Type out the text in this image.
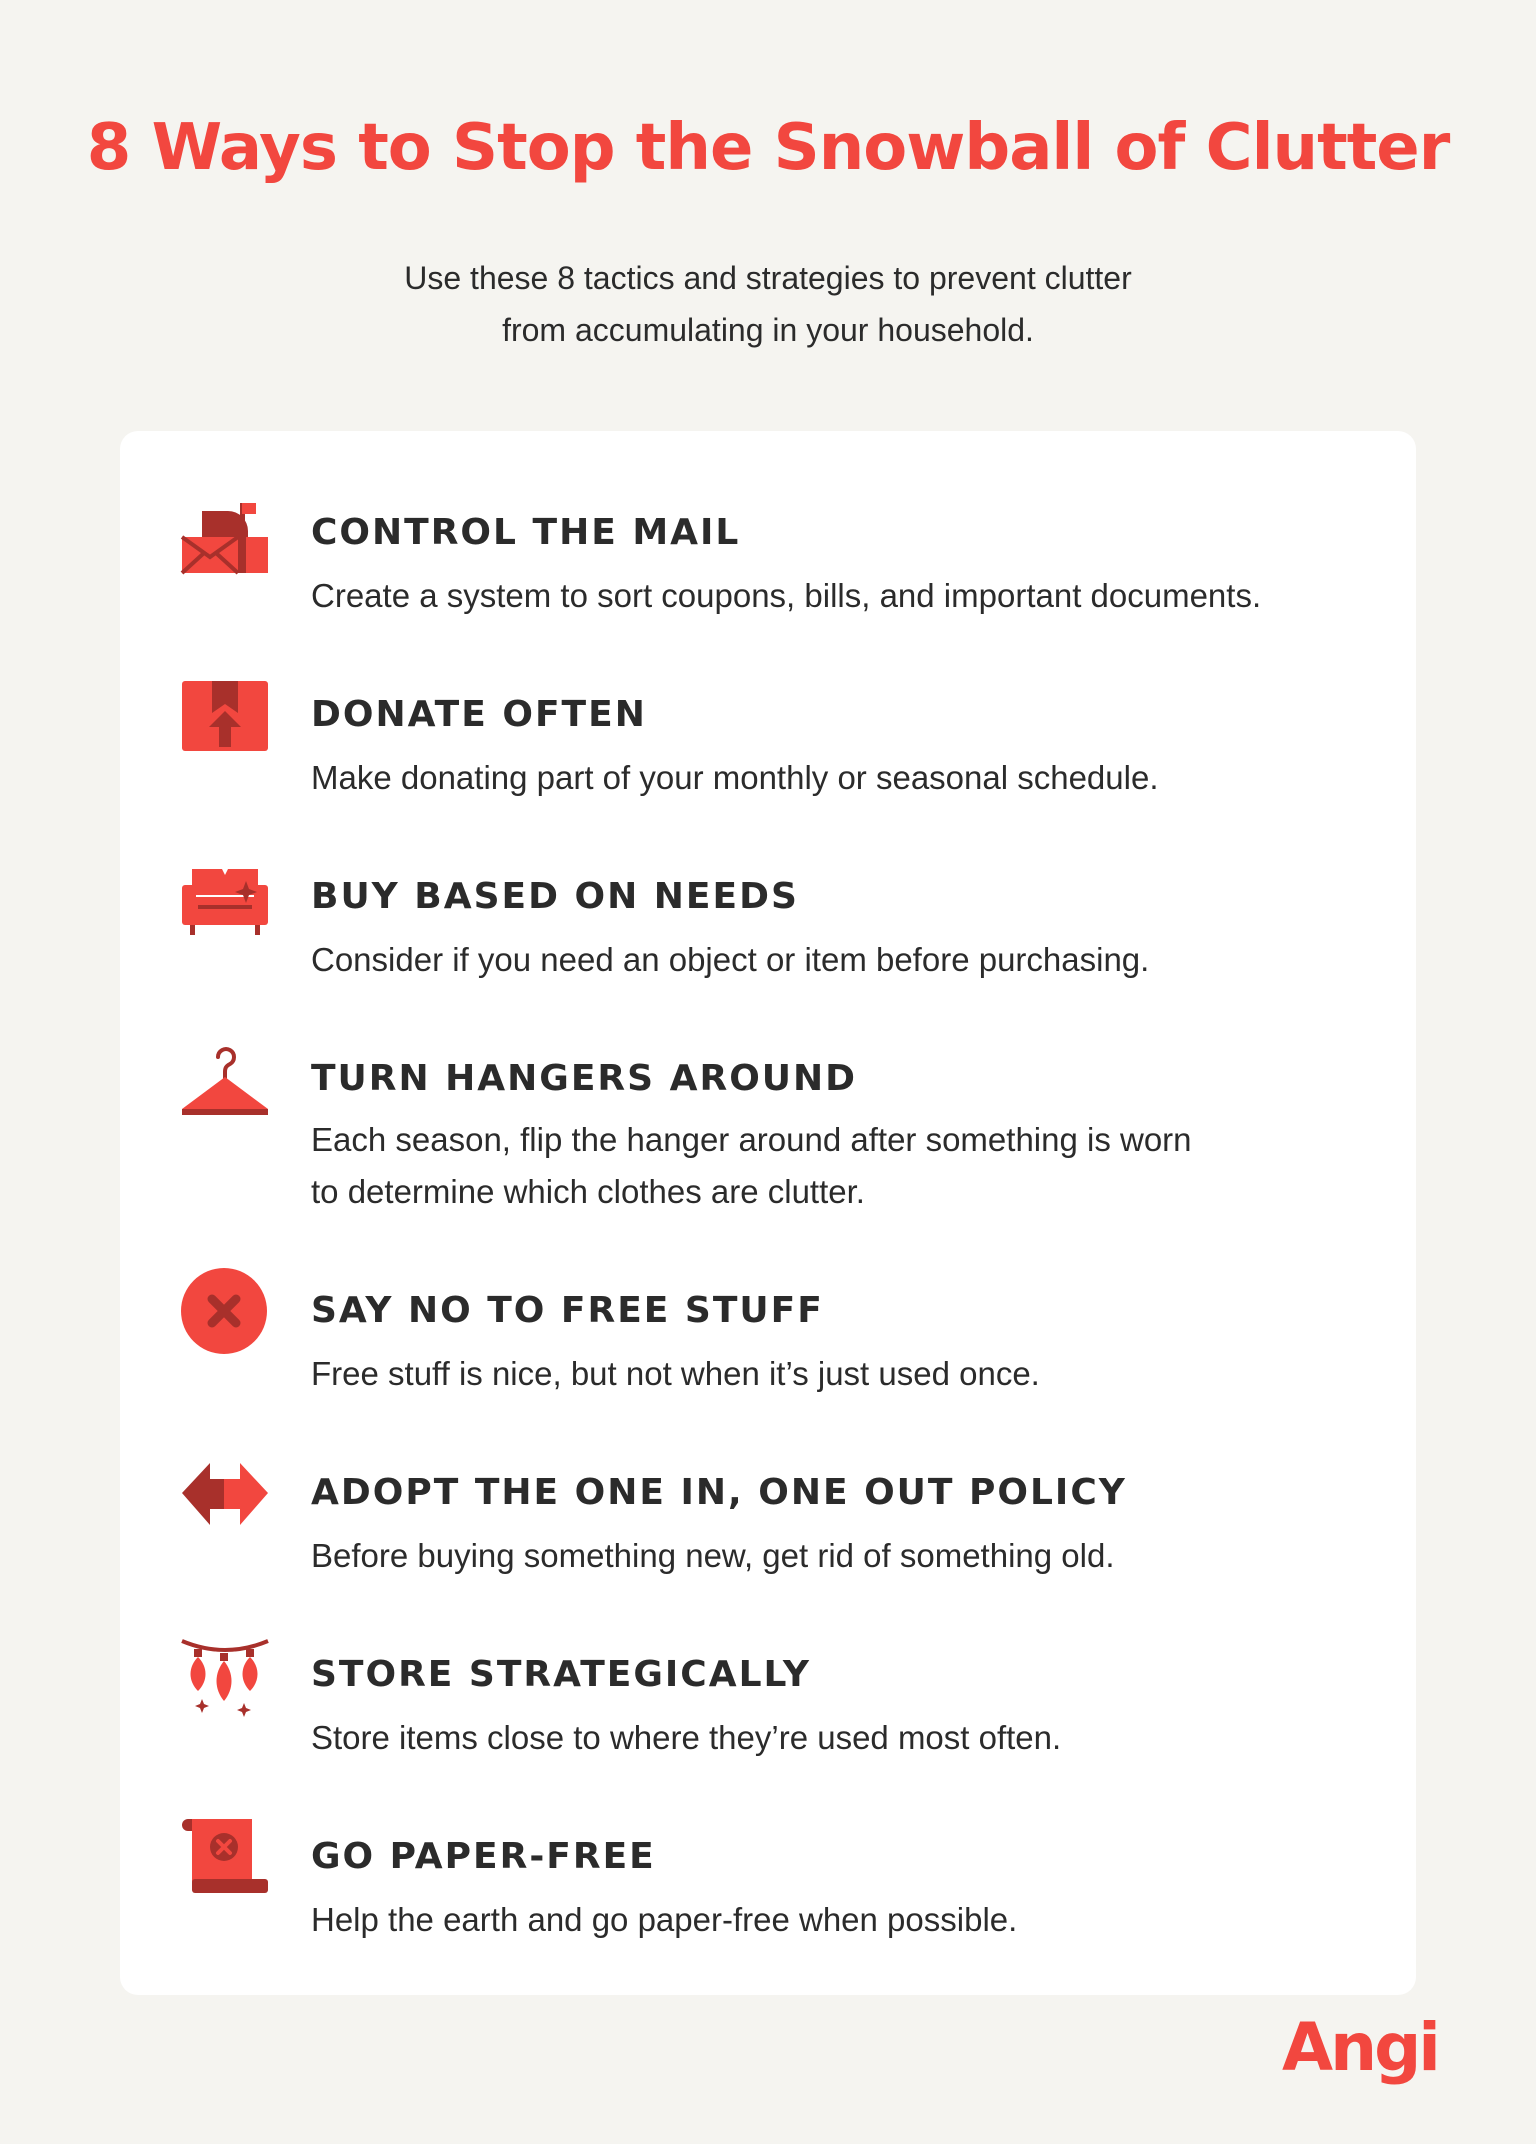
8 Ways to Stop the Snowball of Clutter
Use these 8 tactics and strategies to prevent clutter
from accumulating in your household.
CONTROL THE MAIL
Create a system to sort coupons, bills, and important documents.
DONATE OFTEN
Make donating part of your monthly or seasonal schedule.
BUY BASED ON NEEDS
Consider if you need an object or item before purchasing.
TURN HANGERS AROUND
Each season, flip the hanger around after something is worn
to determine which clothes are clutter.
SAY NO TO FREE STUFF
Free stuff is nice, but not when it’s just used once.
ADOPT THE ONE IN, ONE OUT POLICY
Before buying something new, get rid of something old.
STORE STRATEGICALLY
Store items close to where they’re used most often.
GO PAPER-FREE
Help the earth and go paper-free when possible.
Angi
